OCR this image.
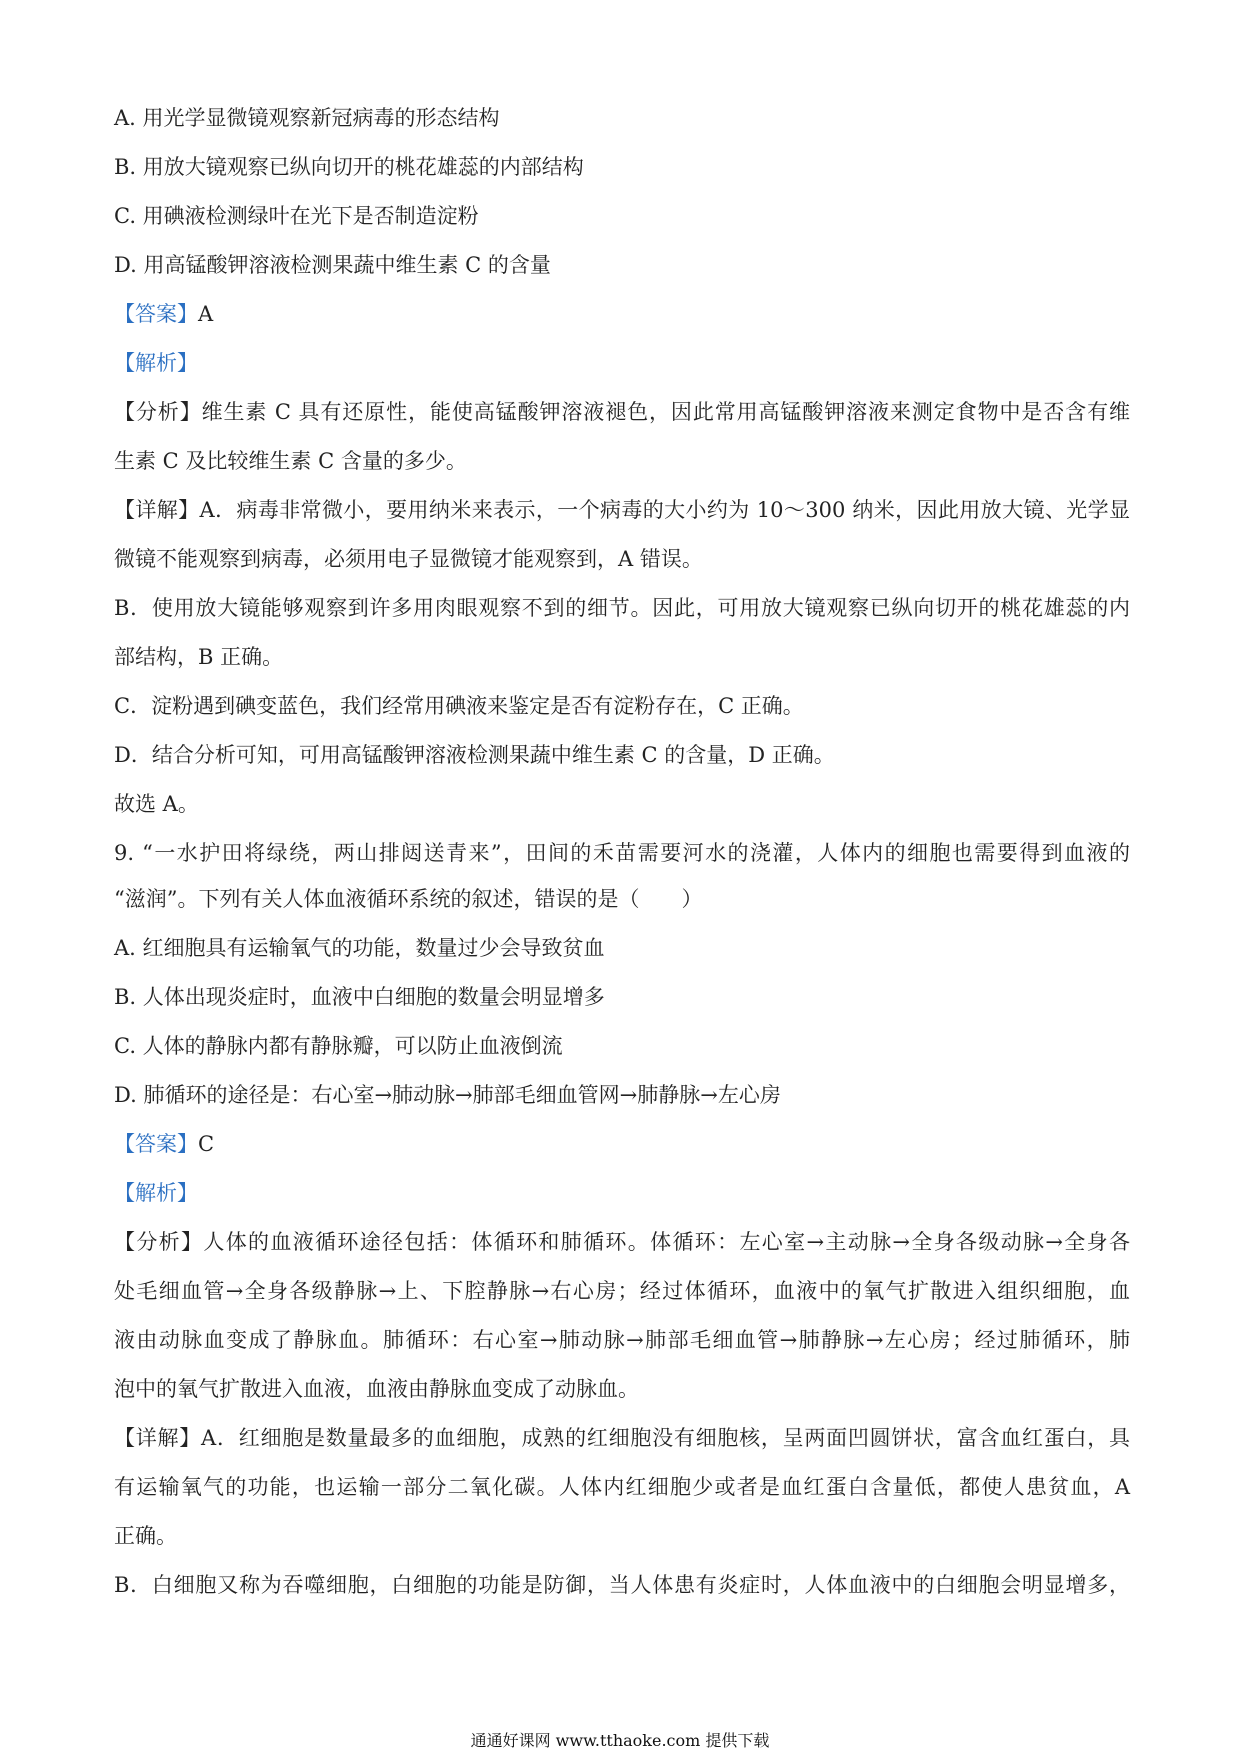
A. 用光学显微镜观察新冠病毒的形态结构
B. 用放大镜观察已纵向切开的桃花雄蕊的内部结构
C. 用碘液检测绿叶在光下是否制造淀粉
D. 用高锰酸钾溶液检测果蔬中维生素 C 的含量
【答案】A
【解析】
【分析】维生素 C 具有还原性，能使高锰酸钾溶液褪色，因此常用高锰酸钾溶液来测定食物中是否含有维
生素 C 及比较维生素 C 含量的多少。
【详解】A．病毒非常微小，要用纳米来表示，一个病毒的大小约为 10～300 纳米，因此用放大镜、光学显
微镜不能观察到病毒，必须用电子显微镜才能观察到，A 错误。
B．使用放大镜能够观察到许多用肉眼观察不到的细节。因此，可用放大镜观察已纵向切开的桃花雄蕊的内
部结构，B 正确。
C．淀粉遇到碘变蓝色，我们经常用碘液来鉴定是否有淀粉存在，C 正确。
D．结合分析可知，可用高锰酸钾溶液检测果蔬中维生素 C 的含量，D 正确。
故选 A。
9. “一水护田将绿绕，两山排闼送青来”，田间的禾苗需要河水的浇灌，人体内的细胞也需要得到血液的
“滋润”。下列有关人体血液循环系统的叙述，错误的是（　　）
A. 红细胞具有运输氧气的功能，数量过少会导致贫血
B. 人体出现炎症时，血液中白细胞的数量会明显增多
C. 人体的静脉内都有静脉瓣，可以防止血液倒流
D. 肺循环的途径是：右心室→肺动脉→肺部毛细血管网→肺静脉→左心房
【答案】C
【解析】
【分析】人体的血液循环途径包括：体循环和肺循环。体循环：左心室→主动脉→全身各级动脉→全身各
处毛细血管→全身各级静脉→上、下腔静脉→右心房；经过体循环，血液中的氧气扩散进入组织细胞，血
液由动脉血变成了静脉血。肺循环：右心室→肺动脉→肺部毛细血管→肺静脉→左心房；经过肺循环，肺
泡中的氧气扩散进入血液，血液由静脉血变成了动脉血。
【详解】A．红细胞是数量最多的血细胞，成熟的红细胞没有细胞核，呈两面凹圆饼状，富含血红蛋白，具
有运输氧气的功能，也运输一部分二氧化碳。人体内红细胞少或者是血红蛋白含量低，都使人患贫血，A
正确。
B．白细胞又称为吞噬细胞，白细胞的功能是防御，当人体患有炎症时，人体血液中的白细胞会明显增多，
通通好课网 www.tthaoke.com 提供下载
